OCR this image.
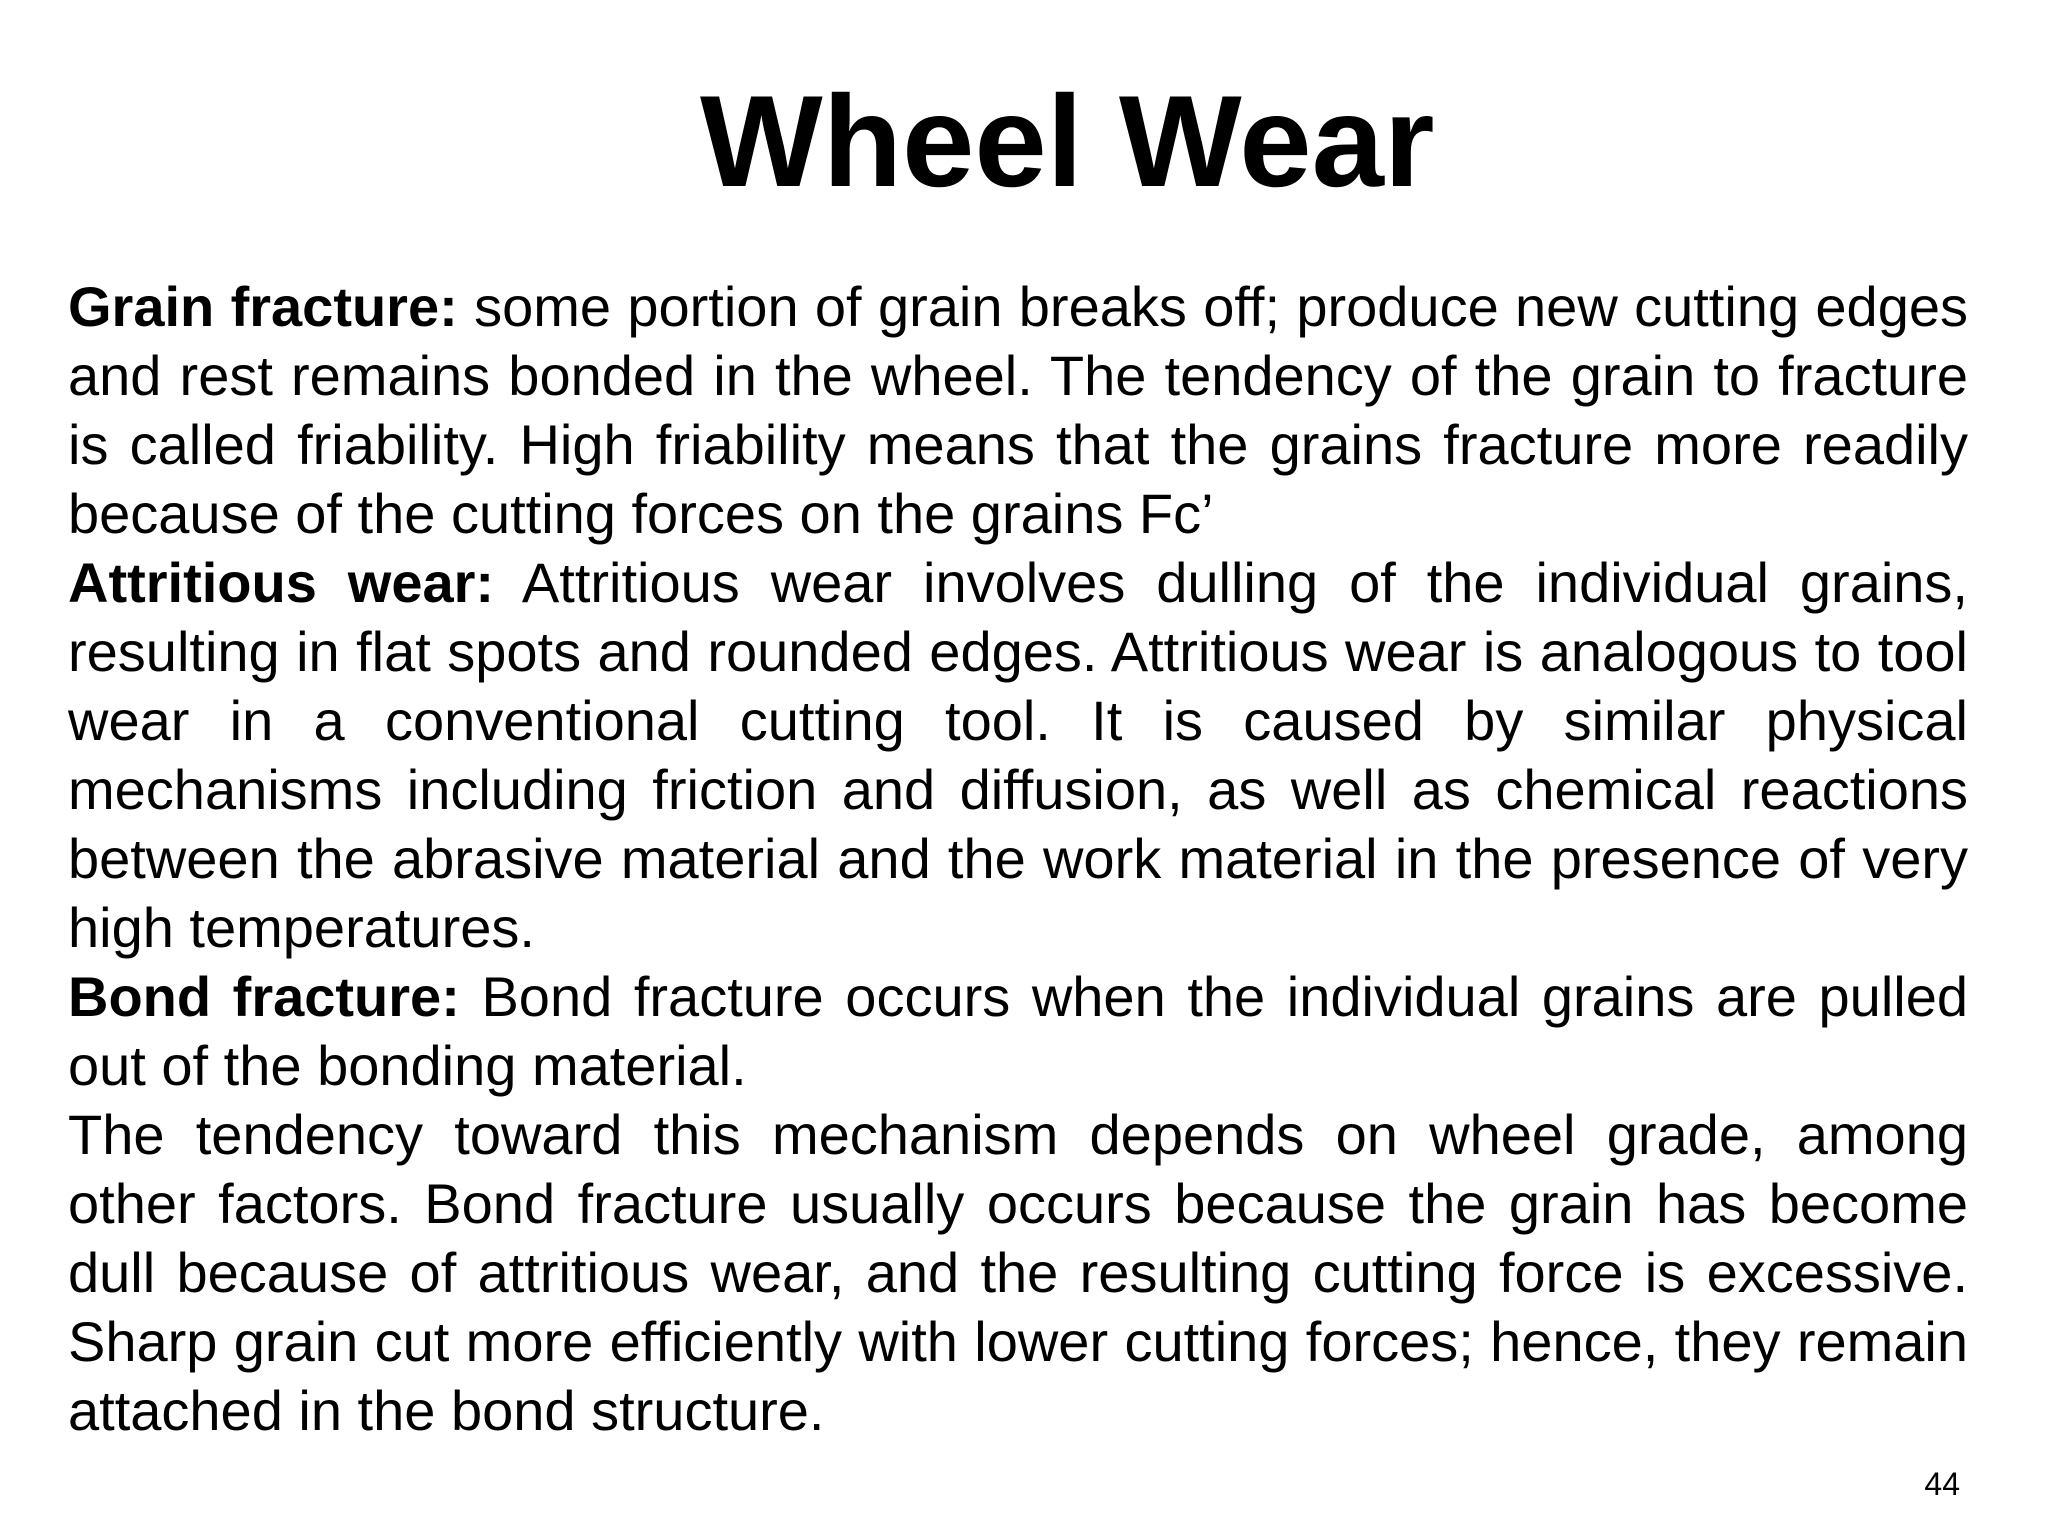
Wheel Wear

Grain fracture: some portion of grain breaks off; produce new cutting edges and rest remains bonded in the wheel. The tendency of the grain to fracture is called friability. High friability means that the grains fracture more readily because of the cutting forces on the grains Fc’

Attritious wear: Attritious wear involves dulling of the individual grains, resulting in flat spots and rounded edges. Attritious wear is analogous to tool wear in a conventional cutting tool. It is caused by similar physical mechanisms including friction and diffusion, as well as chemical reactions between the abrasive material and the work material in the presence of very high temperatures.

Bond fracture: Bond fracture occurs when the individual grains are pulled out of the bonding material.

The tendency toward this mechanism depends on wheel grade, among other factors. Bond fracture usually occurs because the grain has become dull because of attritious wear, and the resulting cutting force is excessive. Sharp grain cut more efficiently with lower cutting forces; hence, they remain attached in the bond structure.

44
